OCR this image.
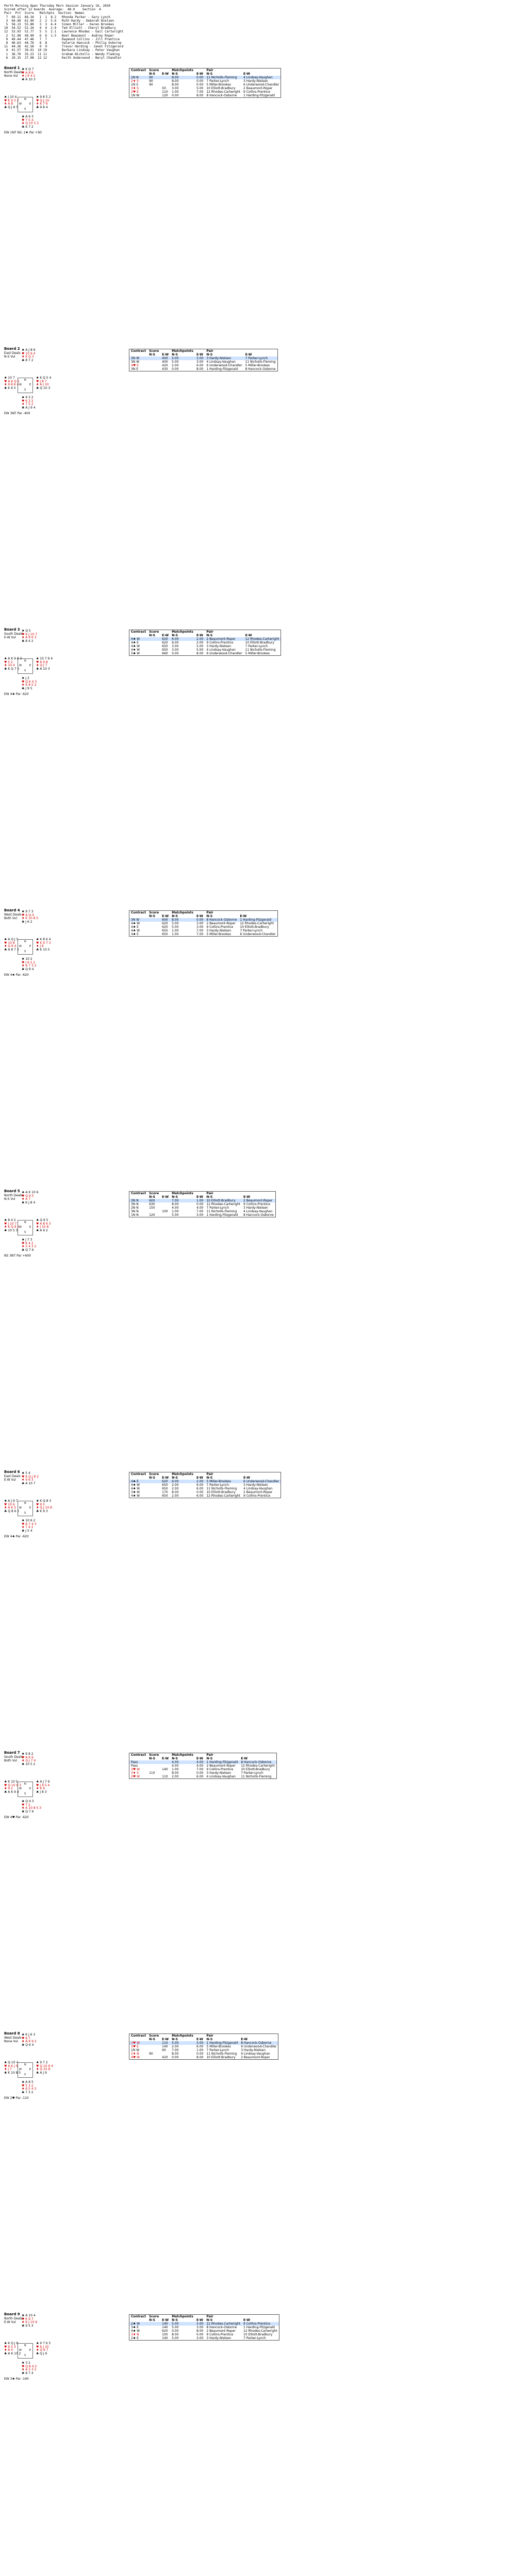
Perth Morning Open Thursday Morn Session January 16, 2020
Scored after 12 boards  Average:  48.0    Section  A
Pair  Pct  Score   Matchpts  Section  Names
7  69.11  66.34   1  1  8.2   Rhonda Parker - Gary Lynch
3  64.48  61.90   2  2  5.6   Ruth Hardy - Deborah Nielsen
5  58.13  55.80   3  3  4.4   Simon Miller - Karen Brookes
10  54.52  52.34   4  4  2.9   Ted Elliott - Cheryl Bradbury
12  53.93  51.77   5  5  2.1   Lawrence Rhodes - Gail Cartwright
2  51.98  49.90   6  6  1.5   Noel Beaumont - Audrey Roper
9  49.44  47.46   7  7        Raymond Collins - Jill Prentice
8  46.63  44.76   8  8        Valerie Hancock - Philip Osborne
11  44.36  42.58   9  9        Trevor Harding - Janet Fitzgerald
4  41.57  39.91  10 10        Barbara Lindsay - Peter Vaughan
1  36.70  35.23  11 11        Graham Nicholls - Wendy Fleming
6  29.15  27.98  12 12        Keith Underwood - Beryl Chandler
Board 1
North Deals
None Vul
♠ K Q 7
♥ A 8 6
♦ J 9 4 2
♣ A 10 3
♠ J 10 4
♥ K 9 3 2
♦ A 8
♣ Q J 6 5
♠ 9 8 5 2
♥ Q J 10
♦ K 7 6
♣ 9 8 4
♠ A 6 3
♥ 7 5 4
♦ Q 10 5 3
♣ K 7 2
N
S
W	E
EW 1NT NS: 2♦ Par +90
Contract	Score		Matchpoints		Pair	
	N-S	E-W	N-S	E-W	N-S	E-W
1N N	90		8.00	0.00	11 Nicholls-Fleming	4 Lindsay-Vaughan
2♦ S	90		8.00	0.00	7 Parker-Lynch	3 Hardy-Nielsen
1N S	90		8.00	0.00	5 Miller-Brookes	6 Underwood-Chandler
3♦ S		50	3.00	5.00	10 Elliott-Bradbury	2 Beaumont-Roper
2♥ E		110	1.00	7.00	12 Rhodes-Cartwright	9 Collins-Prentice
1N W		120	0.00	8.00	8 Hancock-Osborne	1 Harding-Fitzgerald
Board 2
East Deals
N-S Vul
♠ A J 8 6
♥ 10 9 4
♦ K Q 3
♣ 8 7 2
♠ 10 7
♥ A K Q 5
♦ 9 8 6 4
♣ K 6 5
♠ K Q 5 4
♥ J 8 7
♦ A J 10
♣ Q 10 3
♠ 9 3 2
♥ 6 3 2
♦ 7 5 2
♣ A J 9 4
N
S
W	E
EW 3NT Par -400
Contract	Score		Matchpoints		Pair	
	N-S	E-W	N-S	E-W	N-S	E-W
3N W		400	5.00	3.00	3 Hardy-Nielsen	7 Parker-Lynch
3N W		400	5.00	3.00	4 Lindsay-Vaughan	11 Nicholls-Fleming
4♥ E		420	2.00	6.00	6 Underwood-Chandler	5 Miller-Brookes
3N E		430	0.00	8.00	1 Harding-Fitzgerald	8 Hancock-Osborne
Board 3
South Deals
E-W Vul
♠ Q 5
♥ K J 10 7
♦ A 9 6 3
♣ 8 4 2
♠ A K 9 8 3
♥ 5 2
♦ 10 4
♣ K Q 7 6
♠ 10 7 6 4
♥ A 9 8
♦ Q J 7
♣ A 10 3
♠ J 2
♥ Q 6 4 3
♦ K 8 5 2
♣ J 9 5
N
S
W	E
EW 4♠ Par -620
Contract	Score		Matchpoints		Pair	
	N-S	E-W	N-S	E-W	N-S	E-W
4♠ W		620	6.00	2.00	2 Beaumont-Roper	12 Rhodes-Cartwright
4♠ E		620	6.00	2.00	9 Collins-Prentice	10 Elliott-Bradbury
4♠ W		650	3.00	5.00	3 Hardy-Nielsen	7 Parker-Lynch
4♠ W		650	3.00	5.00	4 Lindsay-Vaughan	11 Nicholls-Fleming
5♣ W		660	0.00	8.00	6 Underwood-Chandler	5 Miller-Brookes
Board 4
West Deals
Both Vul
♠ 9 7 3
♥ A Q 4
♦ K 10 8 5
♣ J 6 2
♠ A Q J 5
♥ 10 8
♦ Q 9 4
♣ A 8 7 3
♠ K 8 6 4
♥ K 9 7 3
♦ J 6
♣ K 10 5
♠ 10 2
♥ J 6 5 2
♦ A 7 3 2
♣ Q 9 4
N
S
W	E
EW 4♠ Par -620
Contract	Score		Matchpoints		Pair	
	N-S	E-W	N-S	E-W	N-S	E-W
3N W		600	8.00	0.00	8 Hancock-Osborne	1 Harding-Fitzgerald
4♠ W		620	5.00	3.00	2 Beaumont-Roper	12 Rhodes-Cartwright
4♠ E		620	5.00	3.00	9 Collins-Prentice	10 Elliott-Bradbury
4♠ W		650	1.00	7.00	3 Hardy-Nielsen	7 Parker-Lynch
4♠ E		650	1.00	7.00	5 Miller-Brookes	6 Underwood-Chandler
Board 5
North Deals
N-S Vul
♠ A K 10 6
♥ Q 9 5
♦ A 7
♣ K J 8 4
♠ 8 4 2
♥ J 10 7
♦ K Q 9 6
♣ 10 5 3
♠ Q 9 5
♥ A 8 6 3
♦ J 10 8
♣ A 9 2
♠ J 7 3
♥ K 4 2
♦ 5 4 3 2
♣ Q 7 6
N
S
W	E
NS 3NT Par +600
Contract	Score		Matchpoints		Pair	
	N-S	E-W	N-S	E-W	N-S	E-W
3N N	600		7.00	1.00	10 Elliott-Bradbury	2 Beaumont-Roper
3N N	630		8.00	0.00	12 Rhodes-Cartwright	9 Collins-Prentice
2N N	150		4.00	4.00	7 Parker-Lynch	3 Hardy-Nielsen
3N N		100	1.00	7.00	11 Nicholls-Fleming	4 Lindsay-Vaughan
1N N	120		5.00	3.00	1 Harding-Fitzgerald	8 Hancock-Osborne
Board 6
East Deals
E-W Vul
♠ 5 4
♥ K Q J 8 2
♦ 9 6 3
♣ A 10 7
♠ A J 9 7
♥ 10 6
♦ A K 5
♣ Q 8 6 2
♠ K Q 8 3
♥ 9 5
♦ Q J 10 8
♣ K 9 3
♠ 10 6 2
♥ A 7 4 3
♦ 7 4 2
♣ J 5 4
N
S
W	E
EW 4♠ Par -620
Contract	Score		Matchpoints		Pair	
	N-S	E-W	N-S	E-W	N-S	E-W
4♠ E		620	6.00	2.00	5 Miller-Brookes	6 Underwood-Chandler
4♠ W		650	2.00	6.00	7 Parker-Lynch	3 Hardy-Nielsen
4♠ W		650	2.00	6.00	11 Nicholls-Fleming	4 Lindsay-Vaughan
3♠ W		170	8.00	0.00	10 Elliott-Bradbury	2 Beaumont-Roper
4♠ W		650	2.00	6.00	12 Rhodes-Cartwright	9 Collins-Prentice
Board 7
South Deals
Both Vul
♠ 9 8 2
♥ A K 6
♦ Q J 7 4
♣ 10 5 2
♠ K 10 5
♥ Q 10 8 3
♦ 9 2
♣ A K 9 4
♠ A J 7 6
♥ J 9 5 4
♦ K 6
♣ J 8 3
♠ Q 4 3
♥ 7 2
♦ A 10 8 5 3
♣ Q 7 6
N
S
W	E
EW 4♥ Par -620
Contract	Score		Matchpoints		Pair	
	N-S	E-W	N-S	E-W	N-S	E-W
Pass			4.00	4.00	1 Harding-Fitzgerald	8 Hancock-Osborne
Pass			4.00	4.00	2 Beaumont-Roper	12 Rhodes-Cartwright
3♥ W		140	1.00	7.00	9 Collins-Prentice	10 Elliott-Bradbury
3♦ S	110		8.00	0.00	3 Hardy-Nielsen	7 Parker-Lynch
2♥ W		110	2.00	6.00	4 Lindsay-Vaughan	11 Nicholls-Fleming
Board 8
West Deals
None Vul
♠ K J 6 3
♥ 8 7
♦ A K 9 2
♣ Q 6 4
♠ Q 10 4
♥ A K J 9
♦ J 7
♣ K 10 8 5
♠ 9 7 2
♥ Q 10 6 4
♦ Q 10 8
♣ A J 9
♠ A 8 5
♥ 5 3 2
♦ 6 5 4 3
♣ 7 3 2
N
S
W	E
EW 2♥ Par -110
Contract	Score		Matchpoints		Pair	
	N-S	E-W	N-S	E-W	N-S	E-W
2♥ W		110	5.00	3.00	1 Harding-Fitzgerald	8 Hancock-Osborne
3♥ E		140	2.00	6.00	5 Miller-Brookes	6 Underwood-Chandler
1N W		90	7.00	1.00	7 Parker-Lynch	3 Hardy-Nielsen
2♦ N	90		8.00	0.00	11 Nicholls-Fleming	4 Lindsay-Vaughan
4♥ W		420	0.00	8.00	10 Elliott-Bradbury	2 Beaumont-Roper
Board 9
North Deals
E-W Vul
♠ A 10 4
♥ K 9 7
♦ K J 10 6
♣ 9 5 3
♠ K Q J 8
♥ 6 5 3
♦ 8 4
♣ A K 10 2
♠ 9 7 6 5
♥ A J 10
♦ Q 9 7
♣ Q J 6
♠ 3 2
♥ Q 8 4 2
♦ A 5 3 2
♣ 8 7 4
N
S
W	E
EW 3♠ Par -140
Contract	Score		Matchpoints		Pair	
	N-S	E-W	N-S	E-W	N-S	E-W
2♠ W		140	5.00	3.00	12 Rhodes-Cartwright	9 Collins-Prentice
3♠ E		140	5.00	3.00	8 Hancock-Osborne	1 Harding-Fitzgerald
4♠ W		620	0.00	8.00	2 Beaumont-Roper	12 Rhodes-Cartwright
3♦ N		100	8.00	0.00	9 Collins-Prentice	10 Elliott-Bradbury
2♠ E		140	5.00	3.00	3 Hardy-Nielsen	7 Parker-Lynch
